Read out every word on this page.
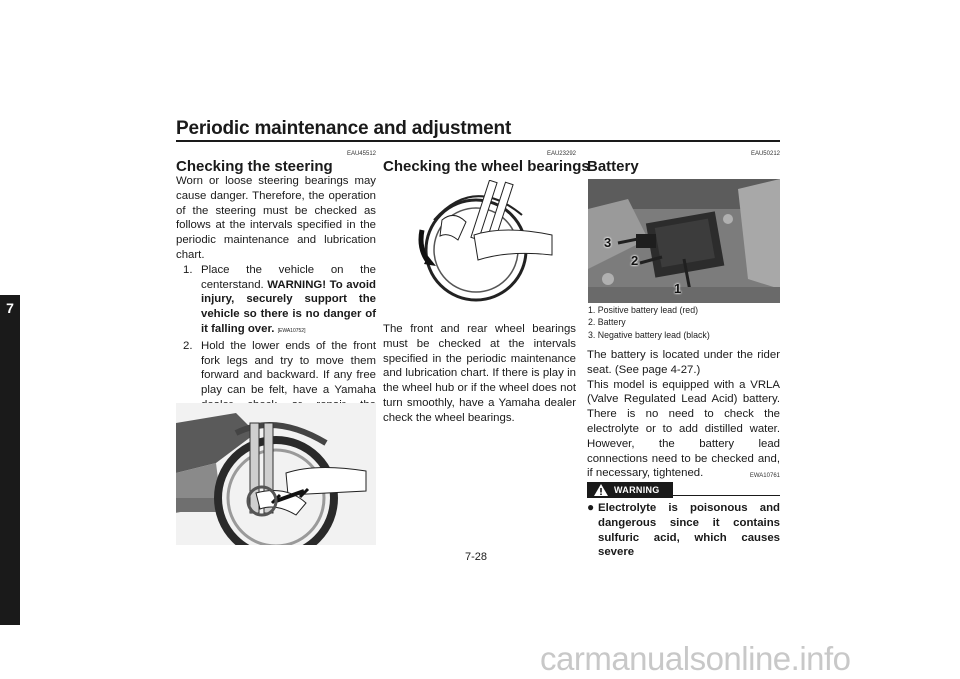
Periodic maintenance and adjustment
7
EAU45512
Checking the steering

Worn or loose steering bearings may cause danger. Therefore, the operation of the steering must be checked as follows at the intervals specified in the periodic maintenance and lubrication chart.

1. Place the vehicle on the centerstand. WARNING! To avoid injury, securely support the vehicle so there is no danger of it falling over. [EWA10752]
2. Hold the lower ends of the front fork legs and try to move them forward and backward. If any free play can be felt, have a Yamaha
EAU23292
Checking the wheel bearings
The front and rear wheel bearings must be checked at the intervals specified in the periodic maintenance and lubrication chart. If there is play in the wheel hub or if the wheel does not turn smoothly, have a Yamaha dealer check the wheel bearings.
EAU50212
Battery
3
2
1
1. Positive battery lead (red)
2. Battery
3. Negative battery lead (black)

The battery is located under the rider seat. (See page 4-27.)

This model is equipped with a VRLA (Valve Regulated Lead Acid) battery. There is no need to check the electrolyte or to add distilled water. However, the battery lead connections need to be checked and, if necessary, tightened.	EWA10761
WARNING
● Electrolyte is poisonous and dangerous since it contains sulfuric acid, which causes severe
7-28
carmanualsonline.info
